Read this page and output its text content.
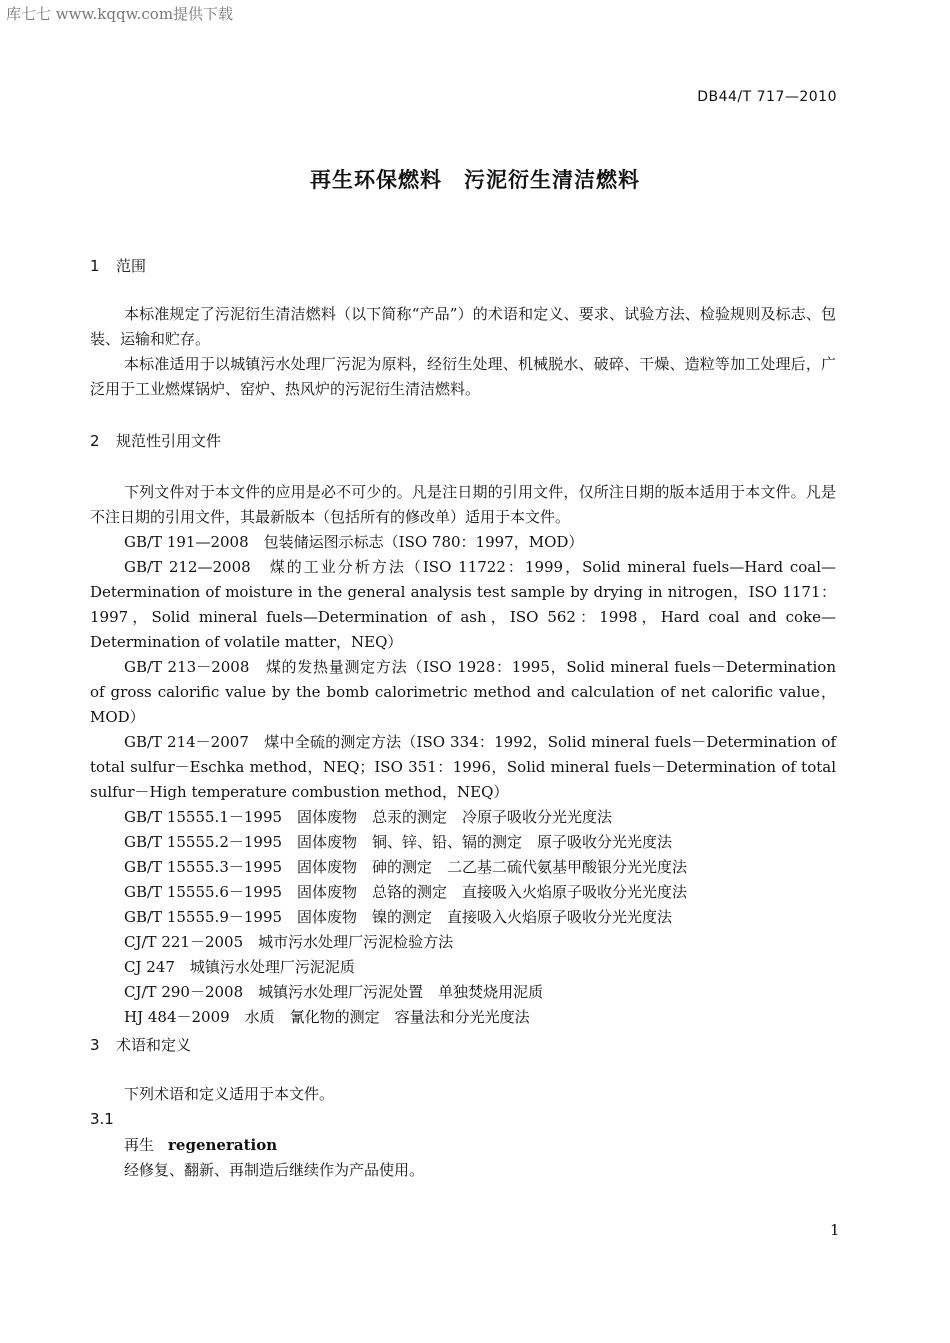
库七七 www.kqqw.com提供下载
DB44/T 717—2010
再生环保燃料　污泥衍生清洁燃料
1 范围

本标准规定了污泥衍生清洁燃料（以下简称“产品”）的术语和定义、要求、试验方法、检验规则及标志、包装、运输和贮存。

本标准适用于以城镇污水处理厂污泥为原料，经衍生处理、机械脱水、破碎、干燥、造粒等加工处理后，广泛用于工业燃煤锅炉、窑炉、热风炉的污泥衍生清洁燃料。

2 规范性引用文件

下列文件对于本文件的应用是必不可少的。凡是注日期的引用文件，仅所注日期的版本适用于本文件。凡是不注日期的引用文件，其最新版本（包括所有的修改单）适用于本文件。

GB/T 191—2008　包装储运图示标志（ISO 780：1997，MOD）

GB/T 212—2008　煤的工业分析方法（ISO 11722：1999，Solid mineral fuels—Hard coal—Determination of moisture in the general analysis test sample by drying in nitrogen，ISO 1171：1997，Solid mineral fuels—Determination of ash，ISO 562：1998，Hard coal and coke—Determination of volatile matter，NEQ）

GB/T 213－2008　煤的发热量测定方法（ISO 1928：1995，Solid mineral fuels－Determination of gross calorific value by the bomb calorimetric method and calculation of net calorific value，MOD）

GB/T 214－2007　煤中全硫的测定方法（ISO 334：1992，Solid mineral fuels－Determination of total sulfur－Eschka method，NEQ；ISO 351：1996，Solid mineral fuels－Determination of total sulfur－High temperature combustion method，NEQ）

GB/T 15555.1－1995　固体废物　总汞的测定　冷原子吸收分光光度法

GB/T 15555.2－1995　固体废物　铜、锌、铅、镉的测定　原子吸收分光光度法

GB/T 15555.3－1995　固体废物　砷的测定　二乙基二硫代氨基甲酸银分光光度法

GB/T 15555.6－1995　固体废物　总铬的测定　直接吸入火焰原子吸收分光光度法

GB/T 15555.9－1995　固体废物　镍的测定　直接吸入火焰原子吸收分光光度法

CJ/T 221－2005　城市污水处理厂污泥检验方法

CJ 247　城镇污水处理厂污泥泥质

CJ/T 290－2008　城镇污水处理厂污泥处置　单独焚烧用泥质

HJ 484－2009　水质　氰化物的测定　容量法和分光光度法

3 术语和定义

下列术语和定义适用于本文件。

3.1
再生 regeneration
经修复、翻新、再制造后继续作为产品使用。
1
